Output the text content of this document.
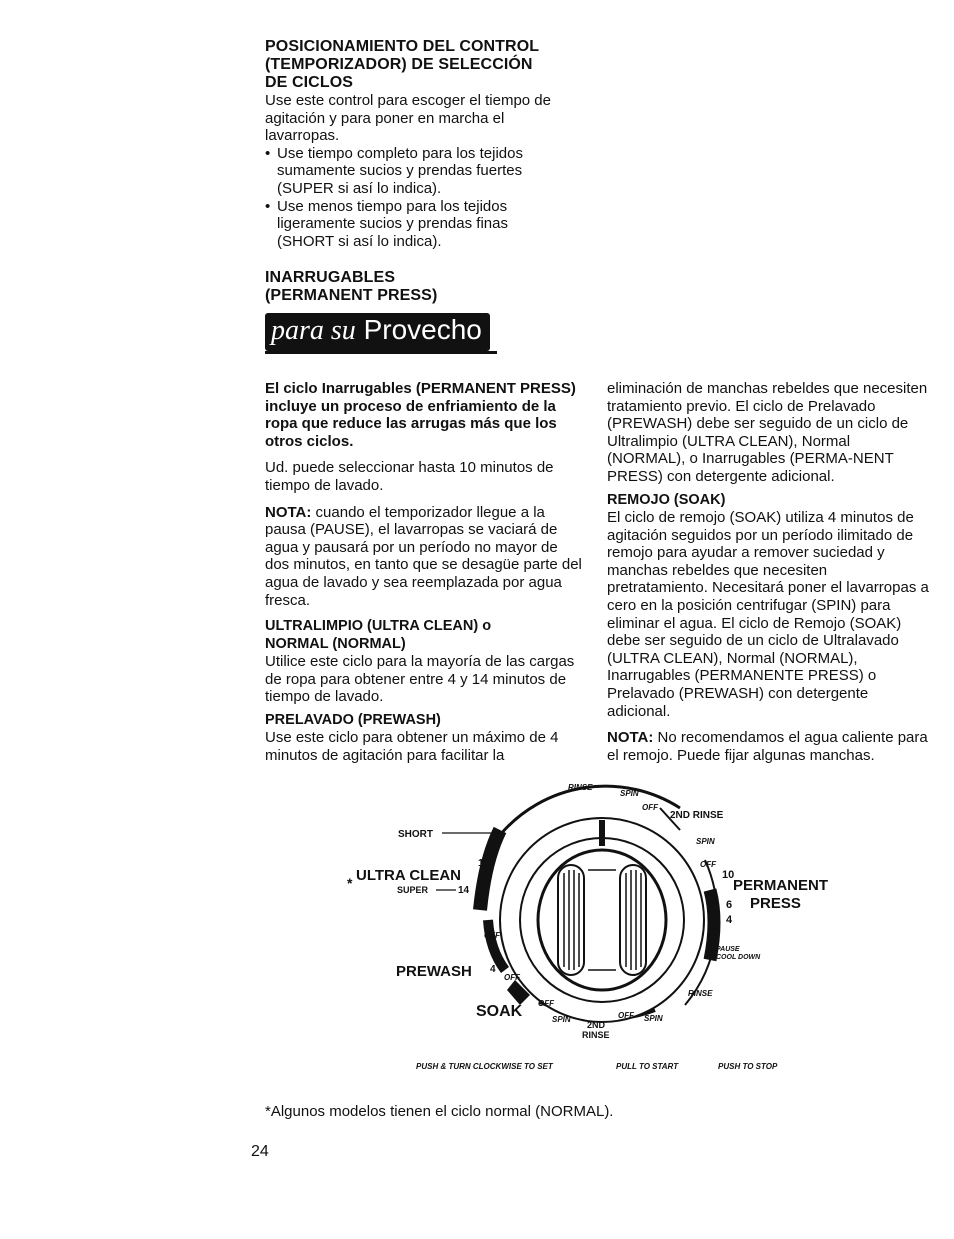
POSICIONAMIENTO DEL CONTROL
(TEMPORIZADOR) DE SELECCIÓN
DE CICLOS

Use este control para escoger el tiempo de agitación y para poner en marcha el lavarropas.

• Use tiempo completo para los tejidos sumamente sucios y prendas fuertes (SUPER si así lo indica).
• Use menos tiempo para los tejidos ligeramente sucios y prendas finas (SHORT si así lo indica).
INARRUGABLES
(PERMANENT PRESS)
para su Provecho

El ciclo Inarrugables (PERMANENT PRESS) incluye un proceso de enfriamiento de la ropa que reduce las arrugas más que los otros ciclos.

Ud. puede seleccionar hasta 10 minutos de tiempo de lavado.

NOTA: cuando el temporizador llegue a la pausa (PAUSE), el lavarropas se vaciará de agua y pausará por un período no mayor de dos minutos, en tanto que se desagüe parte del agua de lavado y sea reemplazada por agua fresca.

ULTRALIMPIO (ULTRA CLEAN) o
NORMAL (NORMAL)

Utilice este ciclo para la mayoría de las cargas de ropa para obtener entre 4 y 14 minutos de tiempo de lavado.

PRELAVADO (PREWASH)

Use este ciclo para obtener un máximo de 4 minutos de agitación para facilitar la

eliminación de manchas rebeldes que necesiten tratamiento previo. El ciclo de Prelavado (PREWASH) debe ser seguido de un ciclo de Ultralimpio (ULTRA CLEAN), Normal (NORMAL), o Inarrugables (PERMA-NENT PRESS) con detergente adicional.

REMOJO (SOAK)

El ciclo de remojo (SOAK) utiliza 4 minutos de agitación seguidos por un período ilimitado de remojo para ayudar a remover suciedad y manchas rebeldes que necesiten pretratamiento. Necesitará poner el lavarropas a cero en la posición centrifugar (SPIN) para eliminar el agua. El ciclo de Remojo (SOAK) debe ser seguido de un ciclo de Ultralavado (ULTRA CLEAN), Normal (NORMAL), Inarrugables (PERMANENTE PRESS) o Prelavado (PREWASH) con detergente adicional.

NOTA: No recomendamos el agua caliente para el remojo. Puede fijar algunas manchas.

RINSE
SPIN
OFF
2ND RINSE
SPIN
OFF
10
PERMANENT
PRESS
6
4
PAUSE
COOL DOWN
RINSE
OFF SPIN
2ND
RINSE
SPIN
OFF
SOAK
PREWASH 4
OFF
OFF
SUPER	14
ULTRA CLEAN
*
10
SHORT	6
PUSH & TURN CLOCKWISE TO SET	PULL TO START	PUSH TO STOP
*Algunos modelos tienen el ciclo normal (NORMAL).
24
